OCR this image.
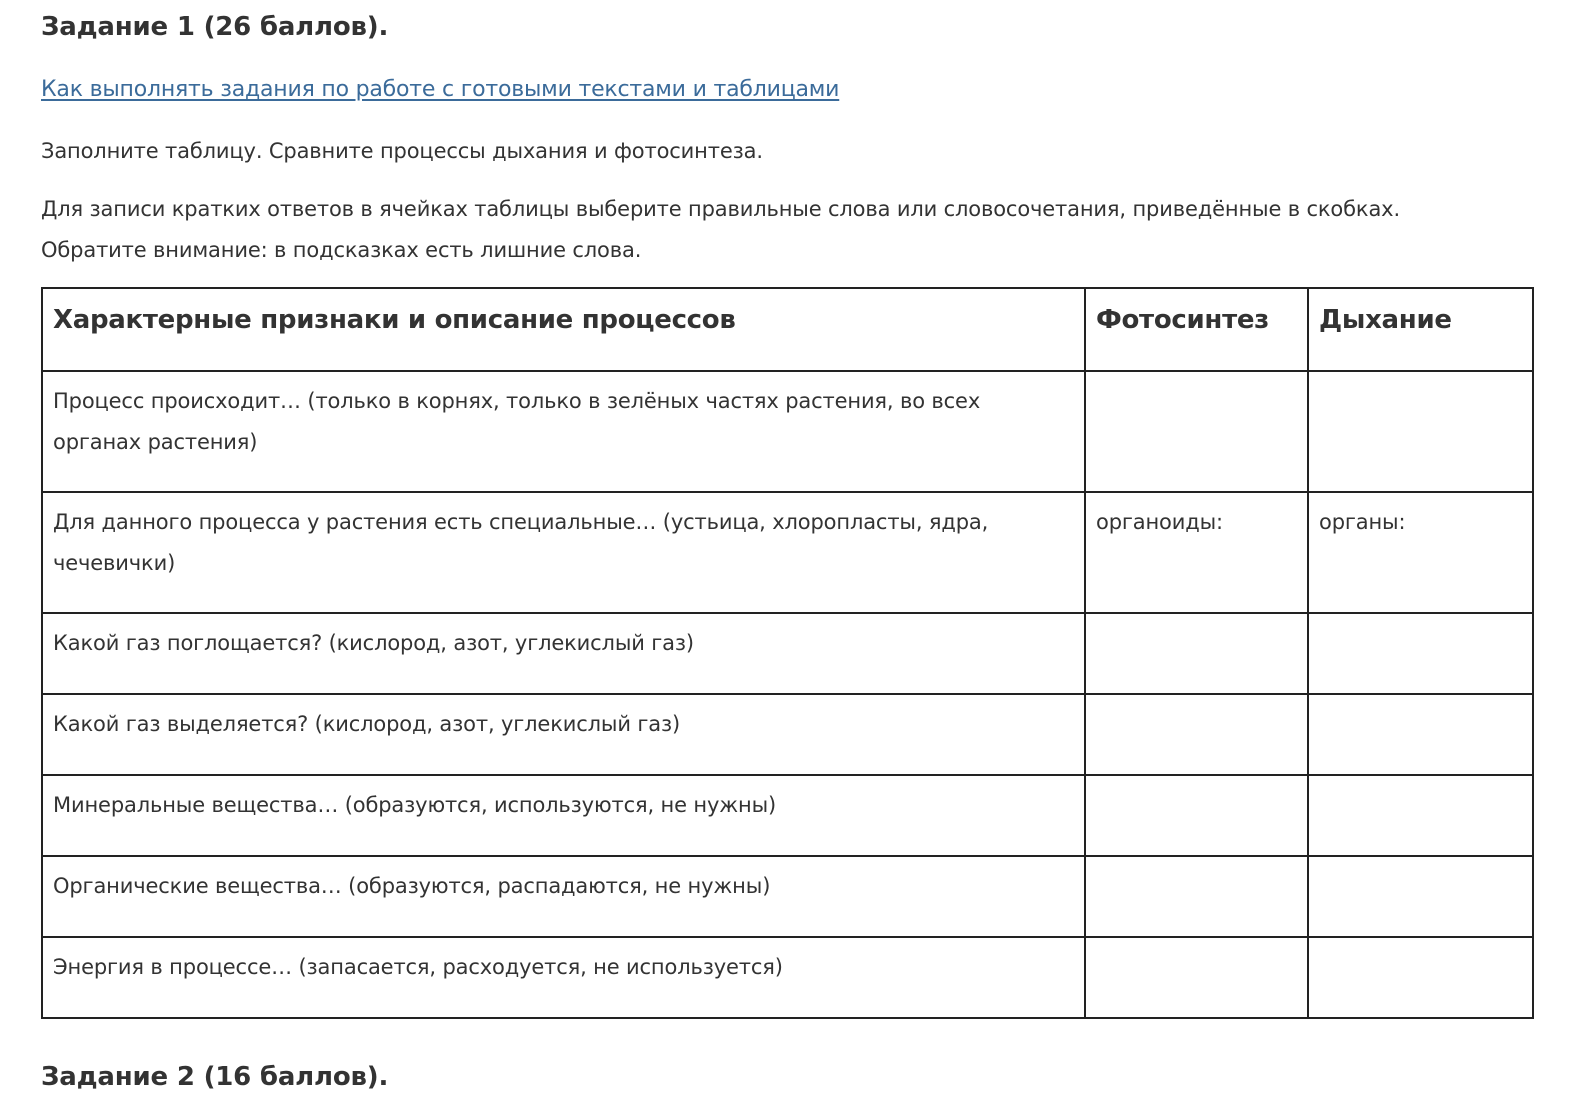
Задание 1 (26 баллов).
Как выполнять задания по работе с готовыми текстами и таблицами

Заполните таблицу. Сравните процессы дыхания и фотосинтеза.

Для записи кратких ответов в ячейках таблицы выберите правильные слова или словосочетания, приведённые в скобках.
Обратите внимание: в подсказках есть лишние слова.
Характерные признаки и описание процессов	Фотосинтез	Дыхание
Процесс происходит… (только в корнях, только в зелёных частях растения, во всех органах растения)		
Для данного процесса у растения есть специальные… (устьица, хлоропласты, ядра, чечевички)	органоиды:	органы:
Какой газ поглощается? (кислород, азот, углекислый газ)		
Какой газ выделяется? (кислород, азот, углекислый газ)		
Минеральные вещества… (образуются, используются, не нужны)		
Органические вещества… (образуются, распадаются, не нужны)		
Энергия в процессе… (запасается, расходуется, не используется)		
Задание 2 (16 баллов).
